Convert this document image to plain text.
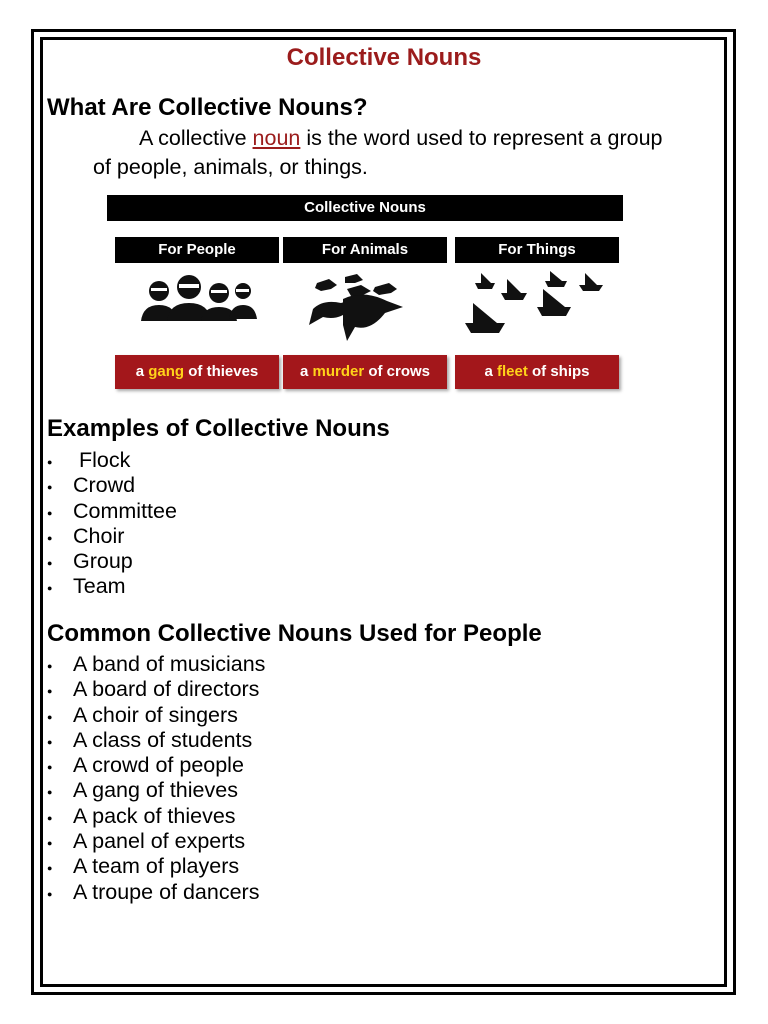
Collective Nouns
What Are Collective Nouns?
A collective noun is the word used to represent a group
of people, animals, or things.
Collective Nouns
For People
a gang of thieves
For Animals
a murder of crows
For Things
a fleet of ships
Examples of Collective Nouns
●  Flock
● Crowd
● Committee
● Choir
● Group
● Team
Common Collective Nouns Used for People
● A band of musicians
● A board of directors
● A choir of singers
● A class of students
● A crowd of people
● A gang of thieves
● A pack of thieves
● A panel of experts
● A team of players
● A troupe of dancers
